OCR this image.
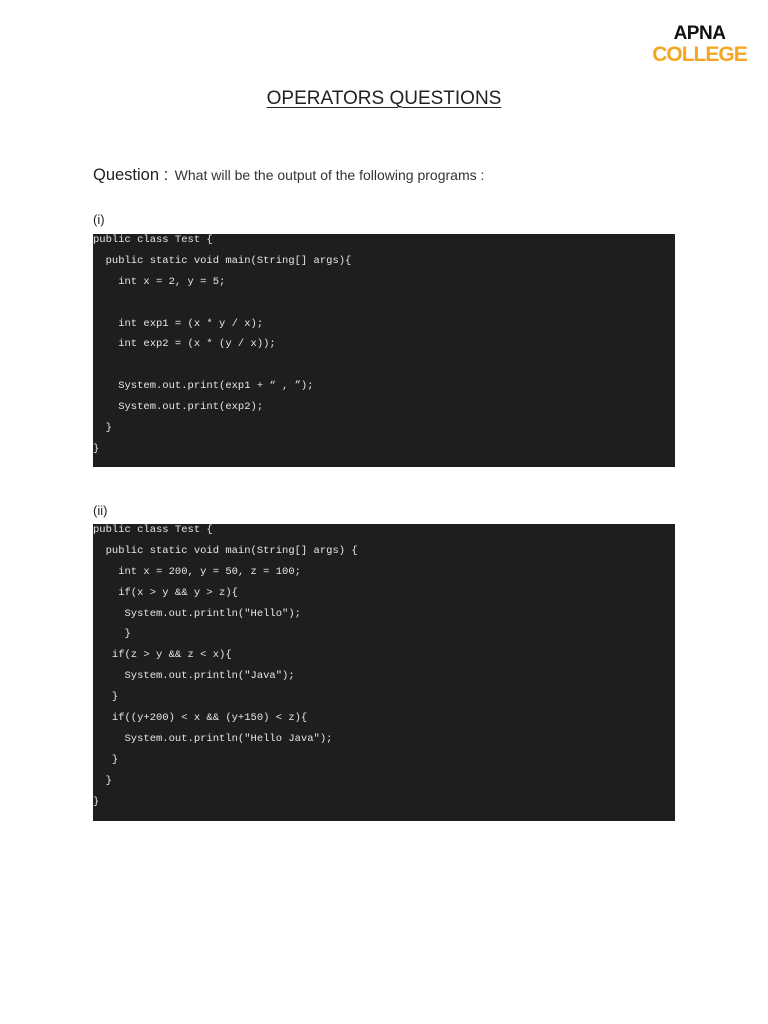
APNA
COLLEGE
OPERATORS QUESTIONS
Question : What will be the output of the following programs :
(i)
public class Test {
public static void main(String[] args){
int x = 2, y = 5;
int exp1 = (x * y / x);
int exp2 = (x * (y / x));
System.out.print(exp1 + “ , ”);
System.out.print(exp2);
}
}
(ii)
public class Test {
public static void main(String[] args) {
int x = 200, y = 50, z = 100;
if(x > y && y > z){
System.out.println("Hello");
}
if(z > y && z < x){
System.out.println("Java");
}
if((y+200) < x && (y+150) < z){
System.out.println("Hello Java");
}
}
}
